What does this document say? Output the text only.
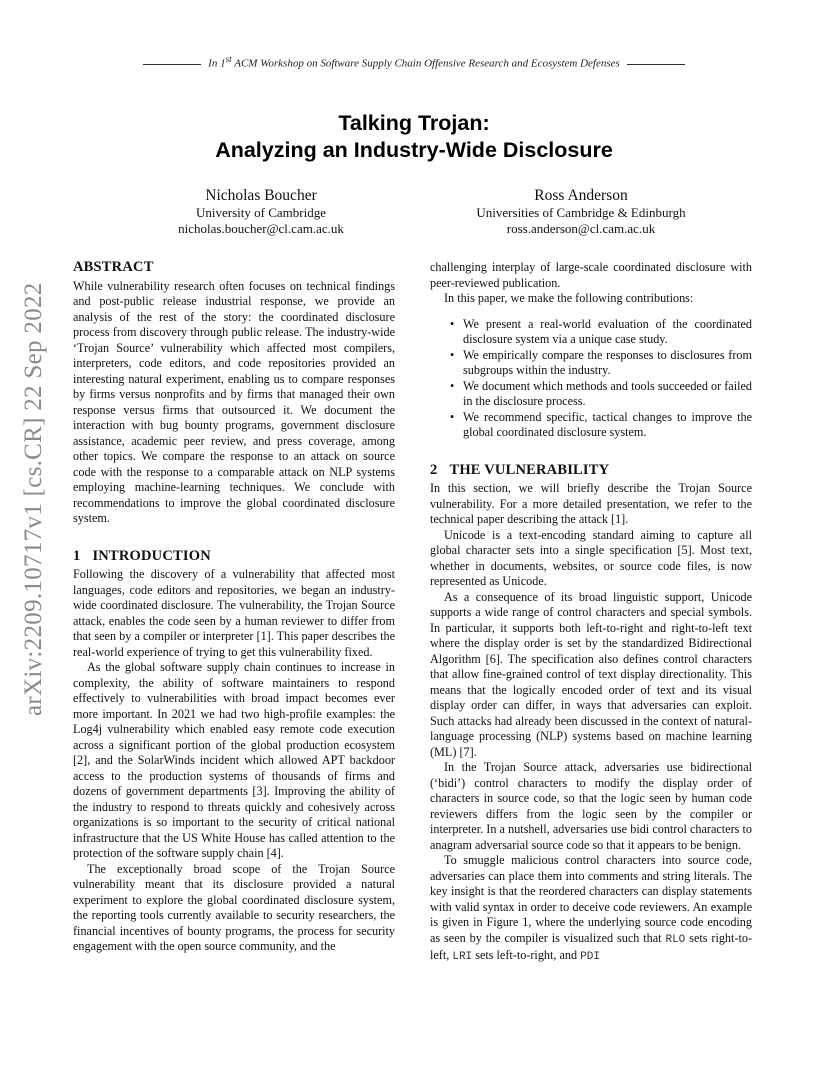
In 1st ACM Workshop on Software Supply Chain Offensive Research and Ecosystem Defenses
Talking Trojan:
Analyzing an Industry-Wide Disclosure
Nicholas Boucher
University of Cambridge
nicholas.boucher@cl.cam.ac.uk
Ross Anderson
Universities of Cambridge & Edinburgh
ross.anderson@cl.cam.ac.uk
arXiv:2209.10717v1 [cs.CR] 22 Sep 2022
ABSTRACT

While vulnerability research often focuses on technical findings and post-public release industrial response, we provide an analysis of the rest of the story: the coordinated disclosure process from discovery through public release. The industry-wide ‘Trojan Source’ vulnerability which affected most compilers, interpreters, code editors, and code repositories provided an interesting natural experiment, enabling us to compare responses by firms versus nonprofits and by firms that managed their own response versus firms that outsourced it. We document the interaction with bug bounty programs, government disclosure assistance, academic peer review, and press coverage, among other topics. We compare the response to an attack on source code with the response to a comparable attack on NLP systems employing machine-learning techniques. We conclude with recommendations to improve the global coordinated disclosure system.

1 INTRODUCTION

Following the discovery of a vulnerability that affected most languages, code editors and repositories, we began an industry-wide coordinated disclosure. The vulnerability, the Trojan Source attack, enables the code seen by a human reviewer to differ from that seen by a compiler or interpreter [1]. This paper describes the real-world experience of trying to get this vulnerability fixed.

As the global software supply chain continues to increase in complexity, the ability of software maintainers to respond effectively to vulnerabilities with broad impact becomes ever more important. In 2021 we had two high-profile examples: the Log4j vulnerability which enabled easy remote code execution across a significant portion of the global production ecosystem [2], and the SolarWinds incident which allowed APT backdoor access to the production systems of thousands of firms and dozens of government departments [3]. Improving the ability of the industry to respond to threats quickly and cohesively across organizations is so important to the security of critical national infrastructure that the US White House has called attention to the protection of the software supply chain [4].

The exceptionally broad scope of the Trojan Source vulnerability meant that its disclosure provided a natural experiment to explore the global coordinated disclosure system, the reporting tools currently available to security researchers, the financial incentives of bounty programs, the process for security engagement with the open source community, and the

challenging interplay of large-scale coordinated disclosure with peer-reviewed publication.

In this paper, we make the following contributions:

• We present a real-world evaluation of the coordinated disclosure system via a unique case study.
• We empirically compare the responses to disclosures from subgroups within the industry.
• We document which methods and tools succeeded or failed in the disclosure process.
• We recommend specific, tactical changes to improve the global coordinated disclosure system.
2 THE VULNERABILITY

In this section, we will briefly describe the Trojan Source vulnerability. For a more detailed presentation, we refer to the technical paper describing the attack [1].

Unicode is a text-encoding standard aiming to capture all global character sets into a single specification [5]. Most text, whether in documents, websites, or source code files, is now represented as Unicode.

As a consequence of its broad linguistic support, Unicode supports a wide range of control characters and special symbols. In particular, it supports both left-to-right and right-to-left text where the display order is set by the standardized Bidirectional Algorithm [6]. The specification also defines control characters that allow fine-grained control of text display directionality. This means that the logically encoded order of text and its visual display order can differ, in ways that adversaries can exploit. Such attacks had already been discussed in the context of natural-language processing (NLP) systems based on machine learning (ML) [7].

In the Trojan Source attack, adversaries use bidirectional (‘bidi’) control characters to modify the display order of characters in source code, so that the logic seen by human code reviewers differs from the logic seen by the compiler or interpreter. In a nutshell, adversaries use bidi control characters to anagram adversarial source code so that it appears to be benign.

To smuggle malicious control characters into source code, adversaries can place them into comments and string literals. The key insight is that the reordered characters can display statements with valid syntax in order to deceive code reviewers. An example is given in Figure 1, where the underlying source code encoding as seen by the compiler is visualized such that RLO sets right-to-left, LRI sets left-to-right, and PDI
